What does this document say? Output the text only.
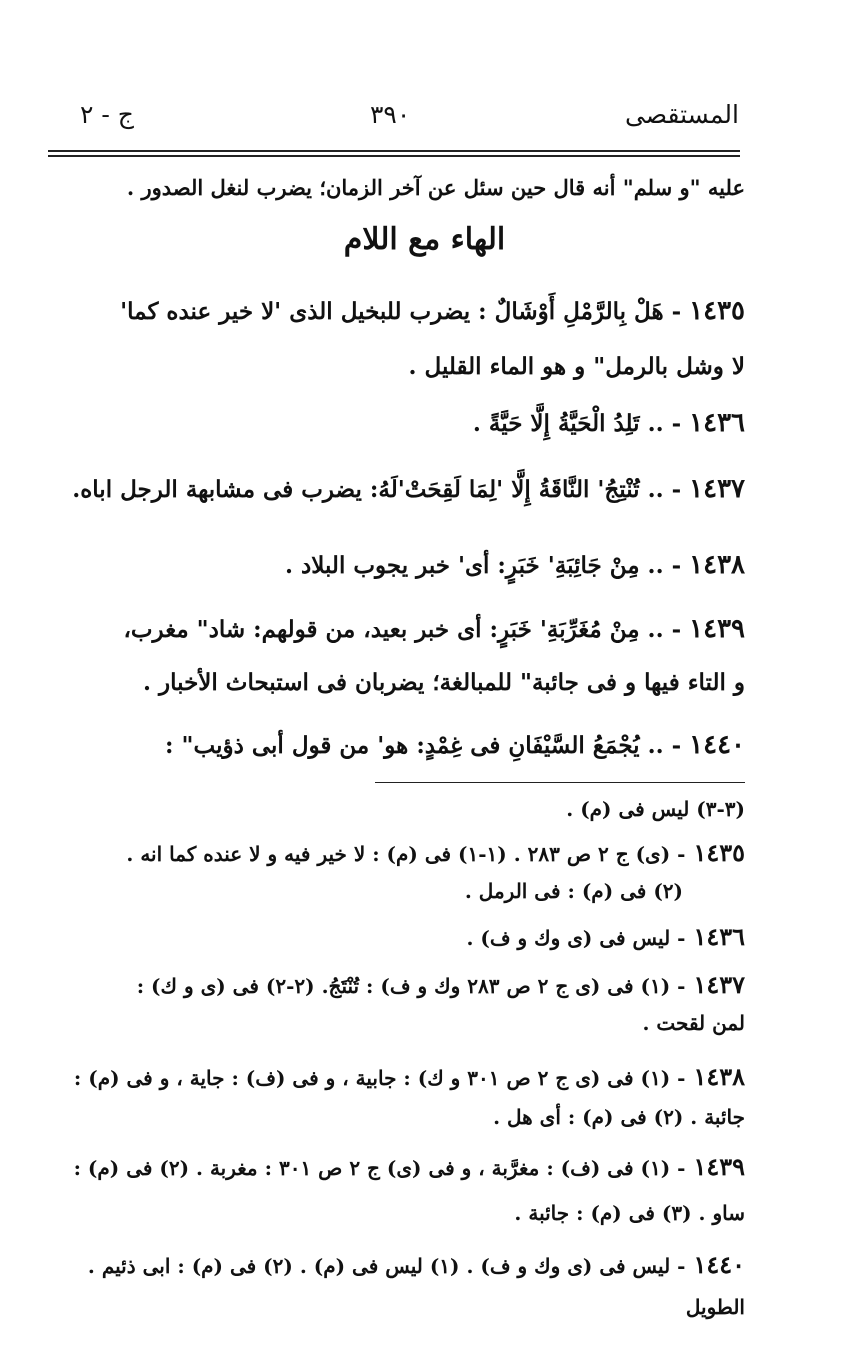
المستقصى
٣٩٠
ج - ٢
عليه "و سلم" أنه قال حين سئل عن آخر الزمان؛ يضرب لنغل الصدور .
الهاء مع اللام
١٤٣٥- هَلْ بِالرَّمْلِ أَوْشَالٌ : يضرب للبخيل الذى 'لا خير عنده كما'
لا وشل بالرمل" و هو الماء القليل .
١٤٣٦- .. تَلِدُ الْحَيَّةُ إِلَّا حَيَّةً .
١٤٣٧- .. تُنْتِجُ' النَّاقَةُ إِلَّا 'لِمَا لَقِحَتْ'لَهُ: يضرب فى مشابهة الرجل اباه.
١٤٣٨- .. مِنْ جَائِبَةِ' خَبَرٍ: أى' خبر يجوب البلاد .
١٤٣٩- .. مِنْ مُغَرِّبَةِ' خَبَرٍ: أى خبر بعيد، من قولهم: شاد" مغرب،
و التاء فيها و فى جائبة" للمبالغة؛ يضربان فى استبحاث الأخبار .
١٤٤٠- .. يُجْمَعُ السَّيْفَانِ فى غِمْدٍ: هو' من قول أبى ذؤيب" :
(٣-٣) ليس فى (م) .
١٤٣٥- (ى) ج ٢ ص ٢٨٣ . (١-١) فى (م) : لا خير فيه و لا عنده كما انه .
(٢) فى (م) : فى الرمل .
١٤٣٦- ليس فى (ى وك و ف) .
١٤٣٧- (١) فى (ى ج ٢ ص ٢٨٣ وك و ف) : تُنْتَجُ. (٢-٢) فى (ى و ك) :
لمن لقحت .
١٤٣٨- (١) فى (ى ج ٢ ص ٣٠١ و ك) : جابية ، و فى (ف) : جاية ، و فى (م) :
جائبة . (٢) فى (م) : أى هل .
١٤٣٩- (١) فى (ف) : مغرَّبة ، و فى (ى) ج ٢ ص ٣٠١ : مغربة . (٢) فى (م) :
ساو . (٣) فى (م) : جائبة .
١٤٤٠- ليس فى (ى وك و ف) . (١) ليس فى (م) . (٢) فى (م) : ابى ذئيم .
الطويل
